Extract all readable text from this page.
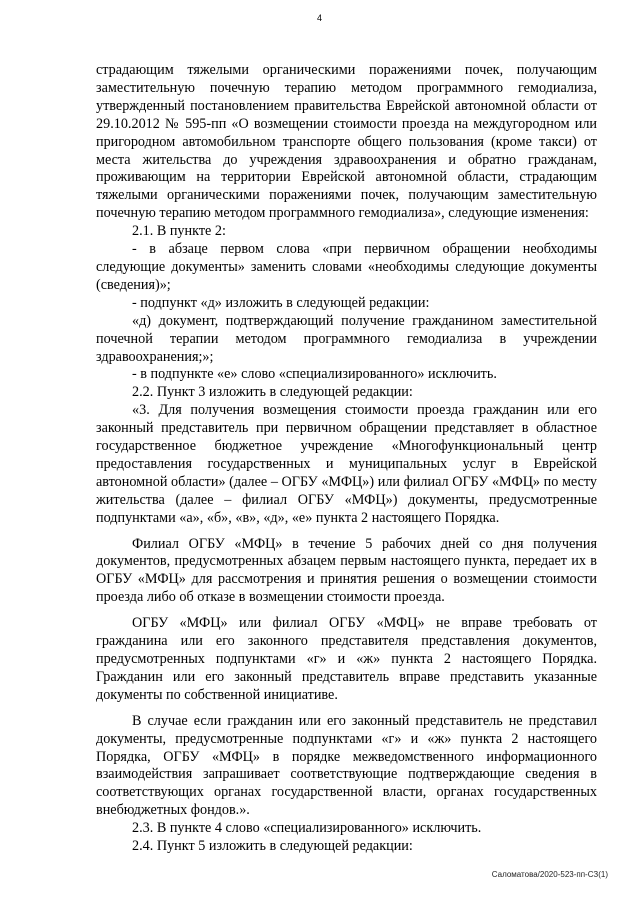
4

страдающим тяжелыми органическими поражениями почек, получающим заместительную почечную терапию методом программного гемодиализа, утвержденный постановлением правительства Еврейской автономной области от 29.10.2012 № 595-пп «О возмещении стоимости проезда на междугородном или пригородном автомобильном транспорте общего пользования (кроме такси) от места жительства до учреждения здравоохранения и обратно гражданам, проживающим на территории Еврейской автономной области, страдающим тяжелыми органическими поражениями почек, получающим заместительную почечную терапию методом программного гемодиализа», следующие изменения:

2.1. В пункте 2:

- в абзаце первом слова «при первичном обращении необходимы следующие документы» заменить словами «необходимы следующие документы (сведения)»;

- подпункт «д» изложить в следующей редакции:

«д) документ, подтверждающий получение гражданином заместительной почечной терапии методом программного гемодиализа в учреждении здравоохранения;»;

- в подпункте «е» слово «специализированного» исключить.

2.2. Пункт 3 изложить в следующей редакции:

«3. Для получения возмещения стоимости проезда гражданин или его законный представитель при первичном обращении представляет в областное государственное бюджетное учреждение «Многофункциональный центр предоставления государственных и муниципальных услуг в Еврейской автономной области» (далее – ОГБУ «МФЦ») или филиал ОГБУ «МФЦ» по месту жительства (далее – филиал ОГБУ «МФЦ») документы, предусмотренные подпунктами «а», «б», «в», «д», «е» пункта 2 настоящего Порядка.

Филиал ОГБУ «МФЦ» в течение 5 рабочих дней со дня получения документов, предусмотренных абзацем первым настоящего пункта, передает их в ОГБУ «МФЦ» для рассмотрения и принятия решения о возмещении стоимости проезда либо об отказе в возмещении стоимости проезда.

ОГБУ «МФЦ» или филиал ОГБУ «МФЦ» не вправе требовать от гражданина или его законного представителя представления документов, предусмотренных подпунктами «г» и «ж» пункта 2 настоящего Порядка. Гражданин или его законный представитель вправе представить указанные документы по собственной инициативе.

В случае если гражданин или его законный представитель не представил документы, предусмотренные подпунктами «г» и «ж» пункта 2 настоящего Порядка, ОГБУ «МФЦ» в порядке межведомственного информационного взаимодействия запрашивает соответствующие подтверждающие сведения в соответствующих органах государственной власти, органах государственных внебюджетных фондов.».

2.3. В пункте 4 слово «специализированного» исключить.

2.4. Пункт 5 изложить в следующей редакции:

Саломатова/2020-523-пп-СЗ(1)
